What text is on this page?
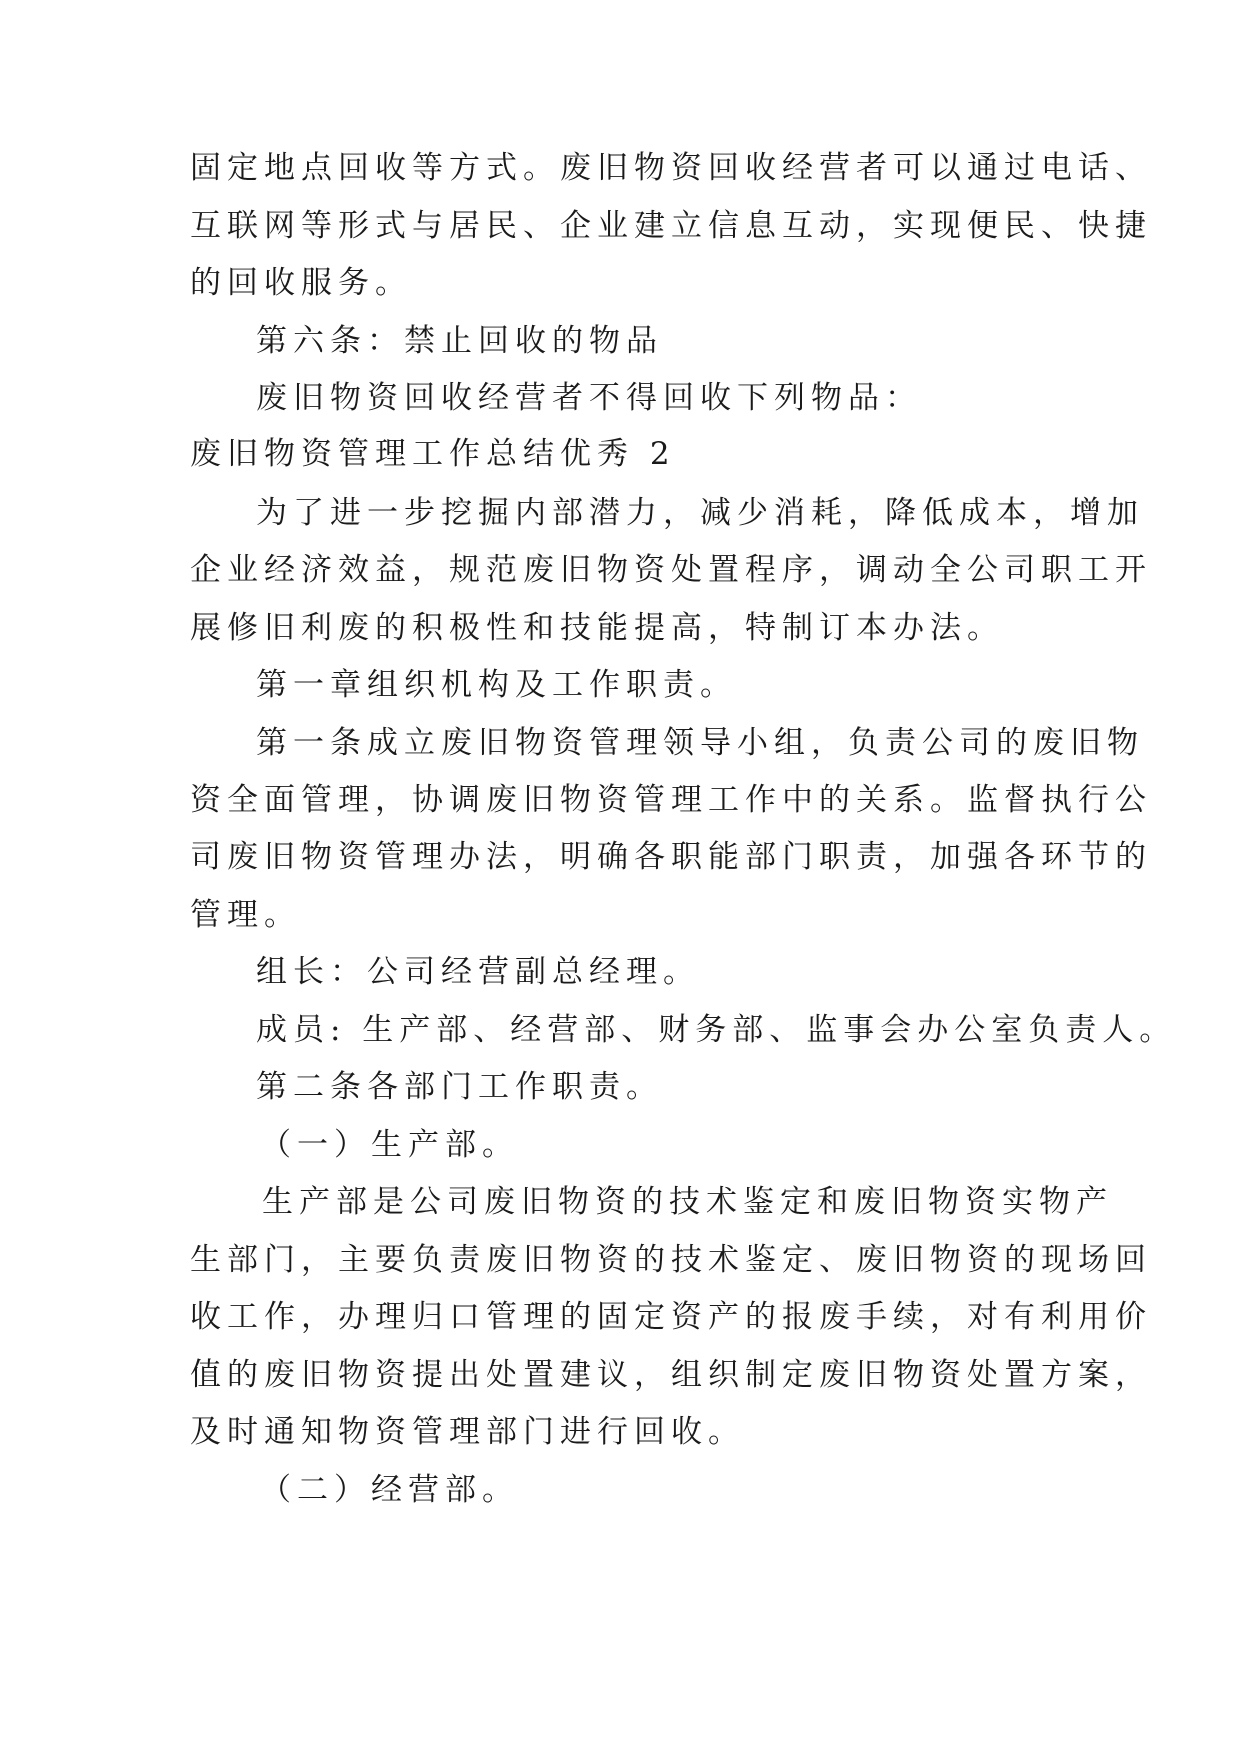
固定地点回收等方式。废旧物资回收经营者可以通过电话、
互联网等形式与居民、企业建立信息互动，实现便民、快捷
的回收服务。
第六条：禁止回收的物品
废旧物资回收经营者不得回收下列物品：
废旧物资管理工作总结优秀 2
为了进一步挖掘内部潜力，减少消耗，降低成本，增加
企业经济效益，规范废旧物资处置程序，调动全公司职工开
展修旧利废的积极性和技能提高，特制订本办法。
第一章组织机构及工作职责。
第一条成立废旧物资管理领导小组，负责公司的废旧物
资全面管理，协调废旧物资管理工作中的关系。监督执行公
司废旧物资管理办法，明确各职能部门职责，加强各环节的
管理。
组长：公司经营副总经理。
成员: 生产部、经营部、财务部、监事会办公室负责人。
第二条各部门工作职责。
（一）生产部。
生产部是公司废旧物资的技术鉴定和废旧物资实物产
生部门，主要负责废旧物资的技术鉴定、废旧物资的现场回
收工作，办理归口管理的固定资产的报废手续，对有利用价
值的废旧物资提出处置建议，组织制定废旧物资处置方案，
及时通知物资管理部门进行回收。
（二）经营部。
